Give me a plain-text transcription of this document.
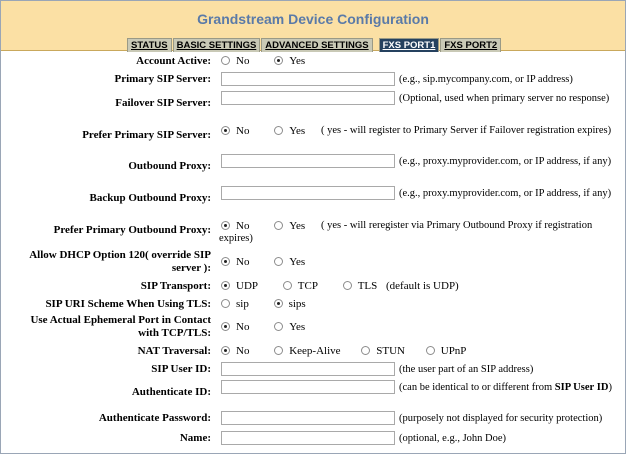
Grandstream Device Configuration
STATUS BASIC SETTINGS ADVANCED SETTINGS	FXS PORT1 FXS PORT2
Account Active:	No	Yes
Primary SIP Server:	(e.g., sip.mycompany.com, or IP address)
Failover SIP Server:	(Optional, used when primary server no response)
Prefer Primary SIP Server:	No	Yes	( yes - will register to Primary Server if Failover registration expires)
Outbound Proxy:	(e.g., proxy.myprovider.com, or IP address, if any)
Backup Outbound Proxy:	(e.g., proxy.myprovider.com, or IP address, if any)
Prefer Primary Outbound Proxy:	No	Yes	( yes - will reregister via Primary Outbound Proxy if registration expires)
Allow DHCP Option 120( override SIP
server ):	No	Yes
SIP Transport:	UDP	TCP	TLS (default is UDP)
SIP URI Scheme When Using TLS:	sip	sips
Use Actual Ephemeral Port in Contact
with TCP/TLS:	No	Yes
NAT Traversal:	No	Keep-Alive	STUN	UPnP
SIP User ID:	(the user part of an SIP address)
Authenticate ID:	(can be identical to or different from SIP User ID)
Authenticate Password:	(purposely not displayed for security protection)
Name:	(optional, e.g., John Doe)
